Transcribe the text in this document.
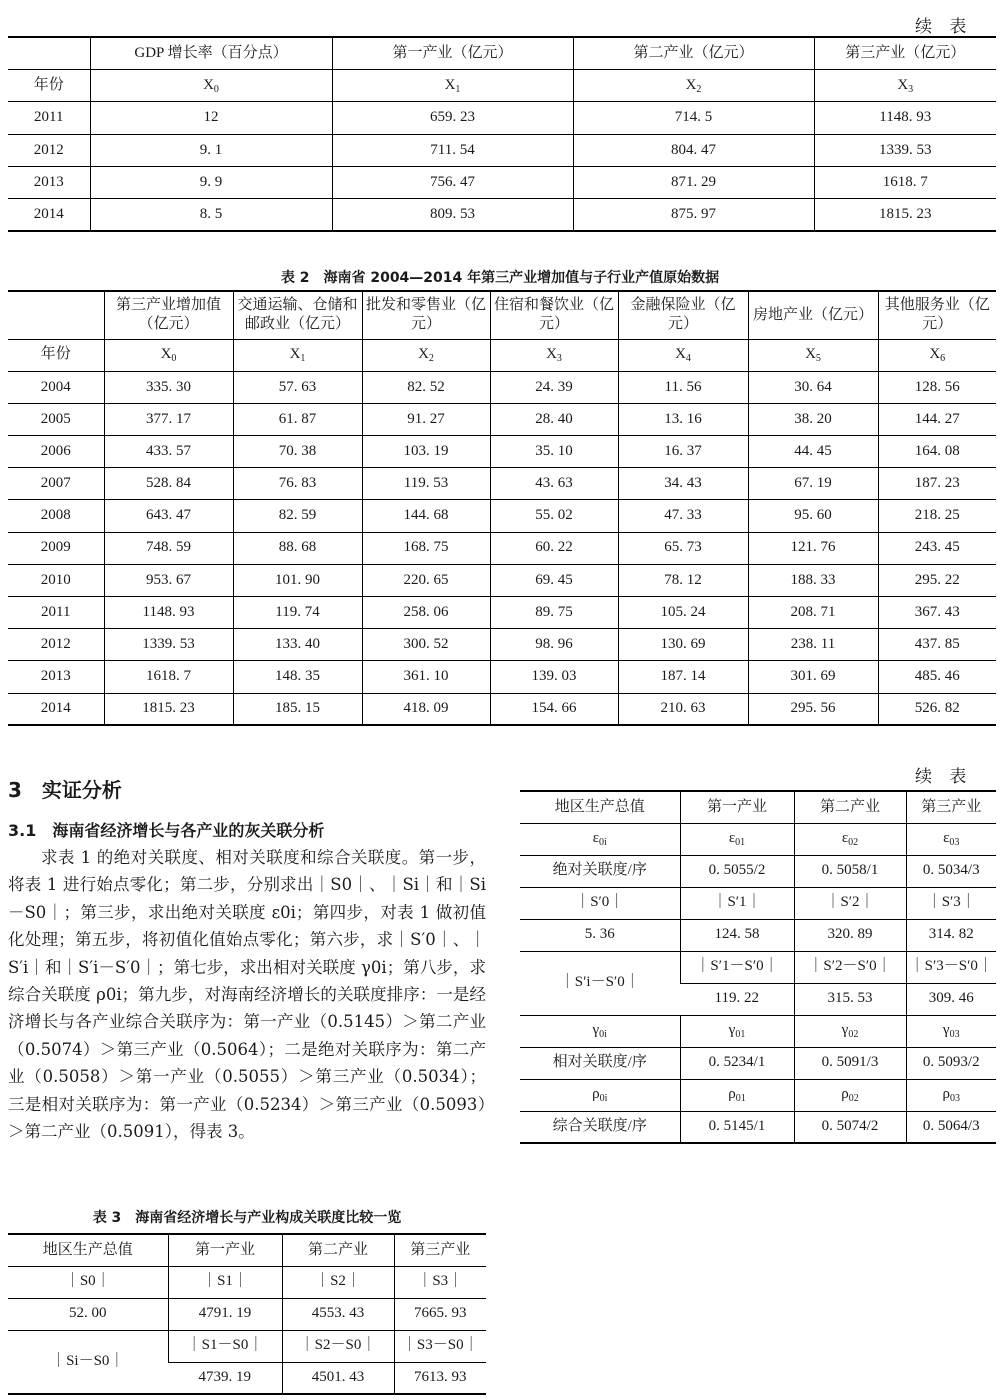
续 表
	GDP 增长率（百分点）	第一产业（亿元）	第二产业（亿元）	第三产业（亿元）
年份	$X_0$	$X_1$	$X_2$	$X_3$
2011	12	659. 23	714. 5	1148. 93
2012	9. 1	711. 54	804. 47	1339. 53
2013	9. 9	756. 47	871. 29	1618. 7
2014	8. 5	809. 53	875. 97	1815. 23
表 2　海南省 2004—2014 年第三产业增加值与子行业产值原始数据
	第三产业增加值（亿元）	交通运输、仓储和邮政业（亿元）	批发和零售业（亿元）	住宿和餐饮业（亿元）	金融保险业（亿元）	房地产业（亿元）	其他服务业（亿元）
年份	$X_0$	$X_1$	$X_2$	$X_3$	$X_4$	$X_5$	$X_6$
2004	335. 30	57. 63	82. 52	24. 39	11. 56	30. 64	128. 56
2005	377. 17	61. 87	91. 27	28. 40	13. 16	38. 20	144. 27
2006	433. 57	70. 38	103. 19	35. 10	16. 37	44. 45	164. 08
2007	528. 84	76. 83	119. 53	43. 63	34. 43	67. 19	187. 23
2008	643. 47	82. 59	144. 68	55. 02	47. 33	95. 60	218. 25
2009	748. 59	88. 68	168. 75	60. 22	65. 73	121. 76	243. 45
2010	953. 67	101. 90	220. 65	69. 45	78. 12	188. 33	295. 22
2011	1148. 93	119. 74	258. 06	89. 75	105. 24	208. 71	367. 43
2012	1339. 53	133. 40	300. 52	98. 96	130. 69	238. 11	437. 85
2013	1618. 7	148. 35	361. 10	139. 03	187. 14	301. 69	485. 46
2014	1815. 23	185. 15	418. 09	154. 66	210. 63	295. 56	526. 82
3　实证分析
3.1　海南省经济增长与各产业的灰关联分析
求表 1 的绝对关联度、相对关联度和综合关联度。第一步，将表 1 进行始点零化；第二步，分别求出｜S0｜、｜Si｜和｜Si－S0｜；第三步，求出绝对关联度 ε0i；第四步，对表 1 做初值化处理；第五步，将初值化值始点零化；第六步，求｜S′0｜、｜S′i｜和｜S′i－S′0｜；第七步，求出相对关联度 γ0i；第八步，求综合关联度 ρ0i；第九步，对海南经济增长的关联度排序：一是经济增长与各产业综合关联序为：第一产业（0.5145）＞第二产业（0.5074）＞第三产业（0.5064）；二是绝对关联序为：第二产业（0.5058）＞第一产业（0.5055）＞第三产业（0.5034）；三是相对关联序为：第一产业（0.5234）＞第三产业（0.5093）＞第二产业（0.5091），得表 3。
续 表
地区生产总值	第一产业	第二产业	第三产业
$\varepsilon_{0i}$	$\varepsilon_{01}$	$\varepsilon_{02}$	$\varepsilon_{03}$
绝对关联度/序	0. 5055/2	0. 5058/1	0. 5034/3
｜S′0｜	｜S′1｜	｜S′2｜	｜S′3｜
5. 36	124. 58	320. 89	314. 82
｜S′i－S′0｜	｜S′1－S′0｜	｜S′2－S′0｜	｜S′3－S′0｜
	119. 22	315. 53	309. 46
$\gamma_{0i}$	$\gamma_{01}$	$\gamma_{02}$	$\gamma_{03}$
相对关联度/序	0. 5234/1	0. 5091/3	0. 5093/2
$\rho_{0i}$	$\rho_{01}$	$\rho_{02}$	$\rho_{03}$
综合关联度/序	0. 5145/1	0. 5074/2	0. 5064/3
表 3　海南省经济增长与产业构成关联度比较一览
地区生产总值	第一产业	第二产业	第三产业
｜S0｜	｜S1｜	｜S2｜	｜S3｜
52. 00	4791. 19	4553. 43	7665. 93
｜Si－S0｜	｜S1－S0｜	｜S2－S0｜	｜S3－S0｜
	4739. 19	4501. 43	7613. 93
